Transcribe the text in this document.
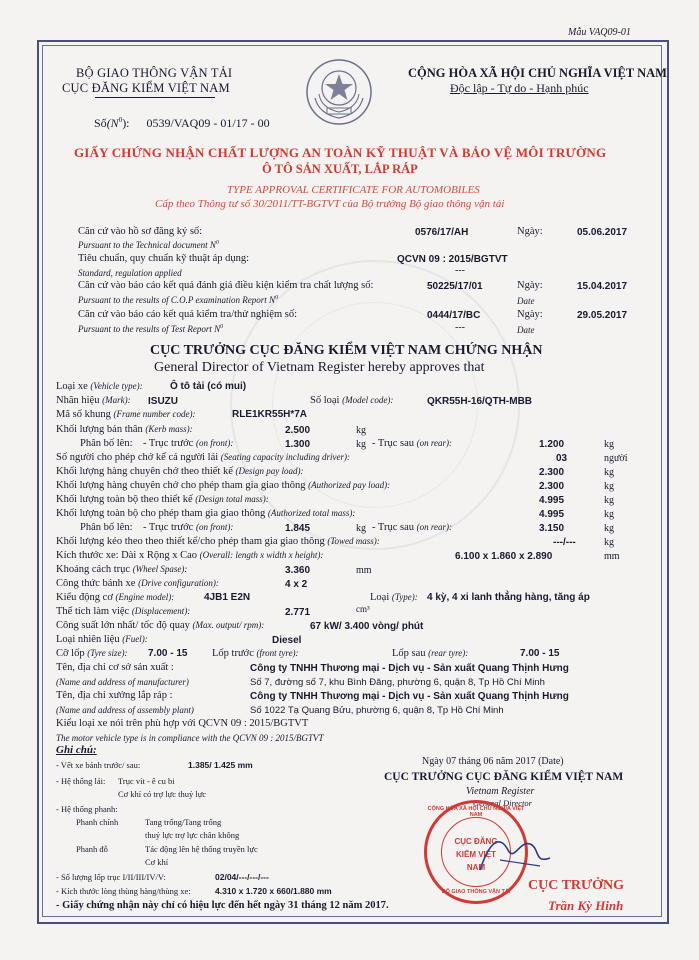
Mẫu VAQ09-01
BỘ GIAO THÔNG VẬN TẢI
CỤC ĐĂNG KIỂM VIỆT NAM
CỘNG HÒA XÃ HỘI CHỦ NGHĨA VIỆT NAM
Độc lập - Tự do - Hạnh phúc
$Số(N^0)$: 0539/VAQ09 - 01/17 - 00
GIẤY CHỨNG NHẬN CHẤT LƯỢNG AN TOÀN KỸ THUẬT VÀ BẢO VỆ MÔI TRƯỜNG
Ô TÔ SẢN XUẤT, LẮP RÁP
TYPE APPROVAL CERTIFICATE FOR AUTOMOBILES
Cấp theo Thông tư số 30/2011/TT-BGTVT của Bộ trưởng Bộ giao thông vận tải
Căn cứ vào hồ sơ đăng ký số:	0576/17/AH	Ngày:	05.06.2017
Pursuant to the Technical document $N^0$
Tiêu chuẩn, quy chuẩn kỹ thuật áp dụng:	QCVN 09 : 2015/BGTVT
Standard, regulation applied	---
Căn cứ vào báo cáo kết quả đánh giá điều kiện kiểm tra chất lượng số:	50225/17/01	Ngày:	15.04.2017
Pursuant to the results of C.O.P examination Report $N^0$	Date
Căn cứ vào báo cáo kết quả kiểm tra/thử nghiệm số:	0444/17/BC	Ngày:	29.05.2017
Pursuant to the results of Test Report $N^0$	---	Date
CỤC TRƯỞNG CỤC ĐĂNG KIỂM VIỆT NAM CHỨNG NHẬN
General Director of Vietnam Register hereby approves that
Loại xe (Vehicle type):	Ô tô tải (có mui)
Nhãn hiệu (Mark): ISUZU	Số loại (Model code):	QKR55H-16/QTH-MBB
Mã số khung (Frame number code):	RLE1KR55H*7A
Khối lượng bản thân (Kerb mass):	2.500	kg
Phân bố lên: - Trục trước (on front):	1.300	kg - Trục sau (on rear):	1.200	kg
Số người cho phép chở kể cả người lái (Seating capacity including driver):	03	người
Khối lượng hàng chuyên chở theo thiết kế (Design pay load):	2.300	kg
Khối lượng hàng chuyên chở cho phép tham gia giao thông (Authorized pay load):	2.300	kg
Khối lượng toàn bộ theo thiết kế (Design total mass):	4.995	kg
Khối lượng toàn bộ cho phép tham gia giao thông (Authorized total mass):	4.995	kg
Phân bố lên: - Trục trước (on front):	1.845	kg - Trục sau (on rear):	3.150	kg
Khối lượng kéo theo theo thiết kế/cho phép tham gia giao thông (Towed mass):	---/---	kg
Kích thước xe: Dài x Rộng x Cao (Overall: length x width x height):	6.100 x 1.860 x 2.890	mm
Khoảng cách trục (Wheel Spase):	3.360	mm
Công thức bánh xe (Drive configuration):	4 x 2
Kiểu động cơ (Engine model):	4JB1 E2N	Loại (Type): 4 kỳ, 4 xi lanh thẳng hàng, tăng áp
Thể tích làm việc (Displacement):	2.771	cm³
Công suất lớn nhất/ tốc độ quay (Max. output/ rpm):	67 kW/ 3.400 vòng/ phút
Loại nhiên liệu (Fuel):	Diesel
Cỡ lốp (Tyre size): 7.00 - 15 Lốp trước (front tyre):	Lốp sau (rear tyre):	7.00 - 15
Tên, địa chỉ cơ sở sản xuất :	Công ty TNHH Thương mại - Dịch vụ - Sản xuất Quang Thịnh Hưng
(Name and address of manufacturer)	Số 7, đường số 7, khu Bình Đăng, phường 6, quận 8, Tp Hồ Chí Minh
Tên, địa chỉ xưởng lắp ráp :	Công ty TNHH Thương mại - Dịch vụ - Sản xuất Quang Thịnh Hưng
(Name and address of assembly plant)	Số 1022 Tạ Quang Bửu, phường 6, quận 8, Tp Hồ Chí Minh
Kiểu loại xe nói trên phù hợp với QCVN 09 : 2015/BGTVT
The motor vehicle type is in compliance with the QCVN 09 : 2015/BGTVT
Ghi chú:
- Vết xe bánh trước/ sau:	1.385/ 1.425 mm
- Hệ thống lái: Trục vít - ê cu bi
Cơ khí có trợ lực thuỷ lực
- Hệ thống phanh:
Phanh chính	Tang trống/Tang trống
thuỷ lực trợ lực chân không
Phanh đỗ	Tác động lên hệ thống truyền lực
Cơ khí
- Số lượng lốp trục I/II/III/IV/V:	02/04/---/---/---
- Kích thước lòng thùng hàng/thùng xe:	4.310 x 1.720 x 660/1.880 mm
- Giấy chứng nhận này chỉ có hiệu lực đến hết ngày 31 tháng 12 năm 2017.
Ngày 07 tháng 06 năm 2017 (Date)
CỤC TRƯỞNG CỤC ĐĂNG KIỂM VIỆT NAM
Vietnam Register
General Director
CỘNG HÒA XÃ HỘI CHỦ NGHĨA VIỆT NAM
CỤC ĐĂNG KIỂM VIỆT NAM
BỘ GIAO THÔNG VẬN TẢI	CỤC TRƯỞNG
Trần Kỳ Hinh
